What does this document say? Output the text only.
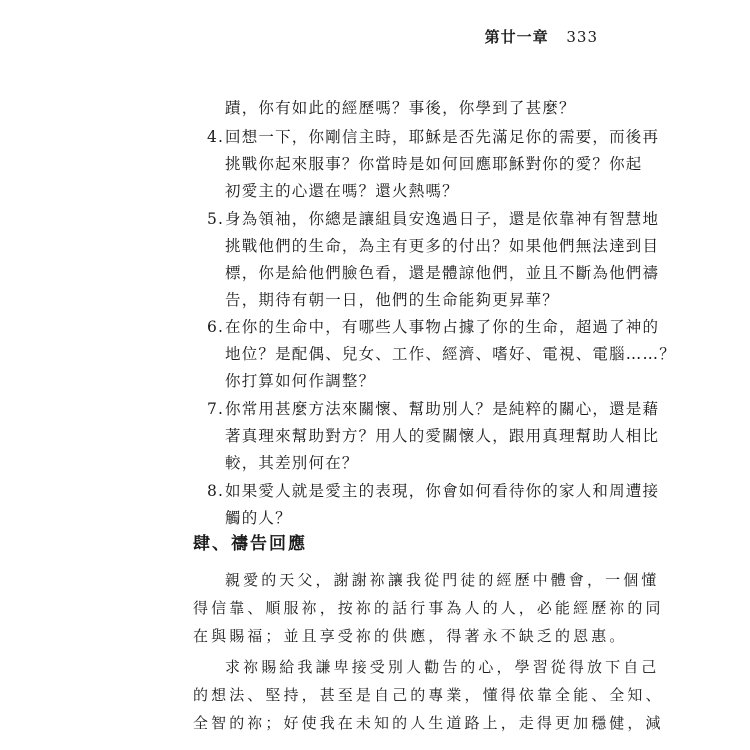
第廿一章 333
蹟，你有如此的經歷嗎？事後，你學到了甚麼？
4.回想一下，你剛信主時，耶穌是否先滿足你的需要，而後再
挑戰你起來服事？你當時是如何回應耶穌對你的愛？你起
初愛主的心還在嗎？還火熱嗎？
5.身為領袖，你總是讓組員安逸過日子，還是依靠神有智慧地
挑戰他們的生命，為主有更多的付出？如果他們無法達到目
標，你是給他們臉色看，還是體諒他們，並且不斷為他們禱
告，期待有朝一日，他們的生命能夠更昇華？
6.在你的生命中，有哪些人事物占據了你的生命，超過了神的
地位？是配偶、兒女、工作、經濟、嗜好、電視、電腦……？
你打算如何作調整？
7.你常用甚麼方法來關懷、幫助別人？是純粹的關心，還是藉
著真理來幫助對方？用人的愛關懷人，跟用真理幫助人相比
較，其差別何在？
8.如果愛人就是愛主的表現，你會如何看待你的家人和周遭接
觸的人？
肆、禱告回應
親愛的天父，謝謝祢讓我從門徒的經歷中體會，一個懂
得信靠、順服祢，按祢的話行事為人的人，必能經歷祢的同
在與賜福；並且享受祢的供應，得著永不缺乏的恩惠。
求祢賜給我謙卑接受別人勸告的心，學習從得放下自己
的想法、堅持，甚至是自己的專業，懂得依靠全能、全知、
全智的祢；好使我在未知的人生道路上，走得更加穩健，減
